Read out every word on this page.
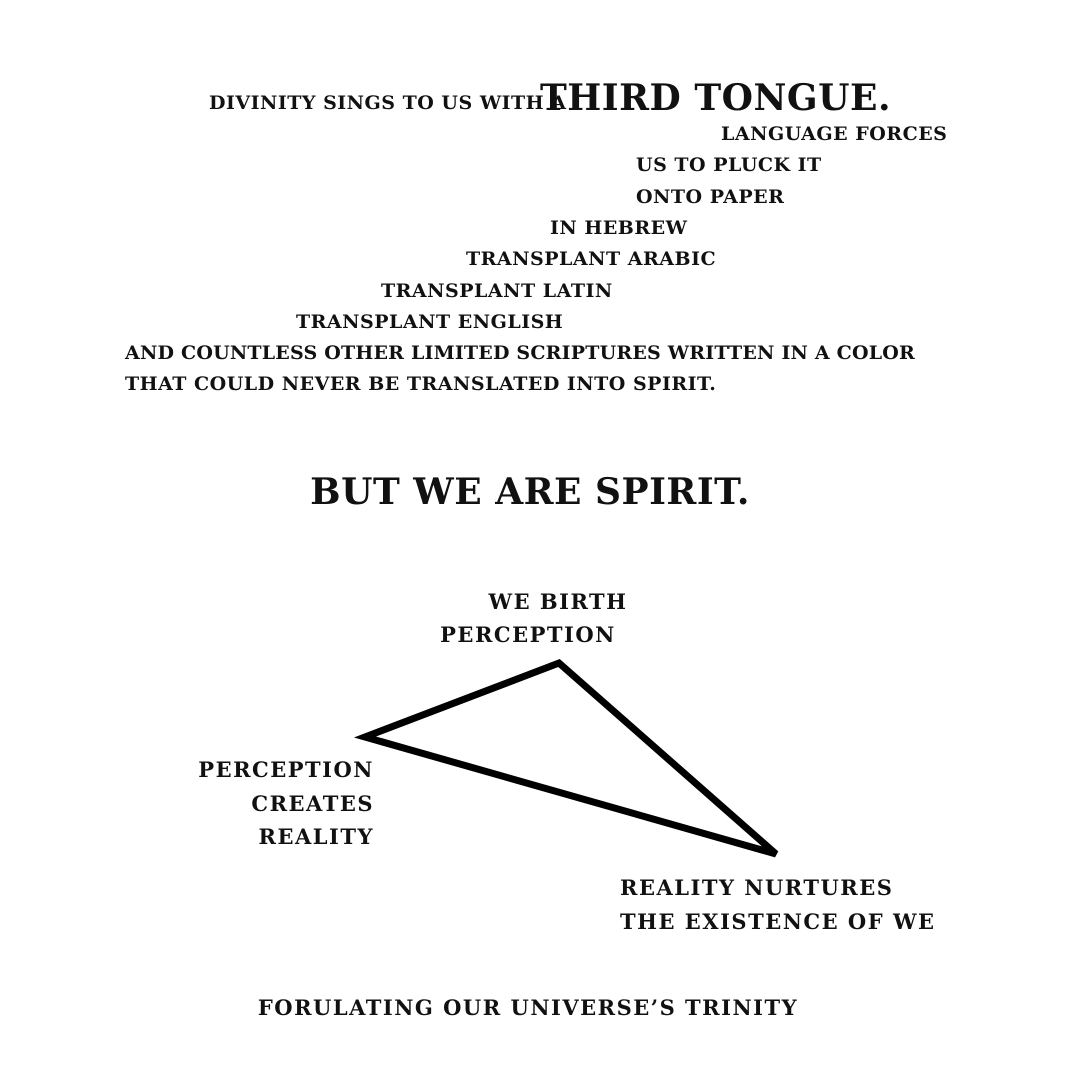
DIVINITY SINGS TO US WITH A
THIRD TONGUE.
LANGUAGE FORCES
US TO PLUCK IT
ONTO PAPER
IN HEBREW
TRANSPLANT ARABIC
TRANSPLANT LATIN
TRANSPLANT ENGLISH
AND COUNTLESS OTHER LIMITED SCRIPTURES WRITTEN IN A COLOR
THAT COULD NEVER BE TRANSLATED INTO SPIRIT.
BUT WE ARE SPIRIT.
WE BIRTH
PERCEPTION
PERCEPTION
CREATES
REALITY
REALITY NURTURES
THE EXISTENCE OF WE
FORULATING OUR UNIVERSE’S TRINITY
